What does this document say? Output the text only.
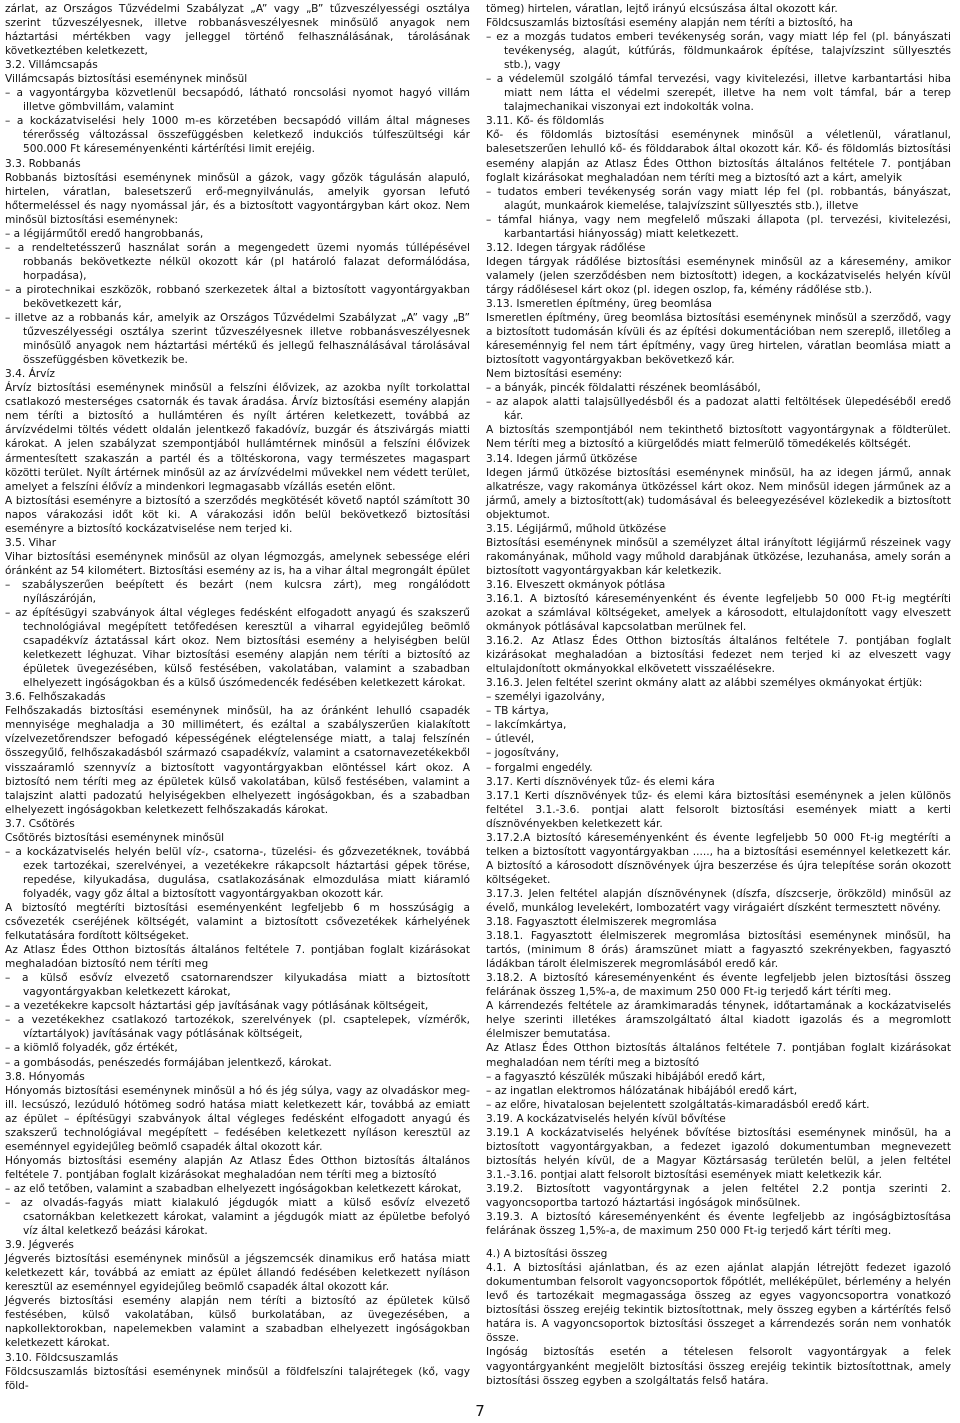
zárlat, az Országos Tűzvédelmi Szabályzat „A” vagy „B” tűzveszélyességi osztálya szerint tűzveszélyesnek, illetve robbanásveszélyesnek minősülő anyagok nem háztartási mértékben vagy jelleggel történő felhasználásának, tárolásának következtében keletkezett,

3.2. Villámcsapás

Villámcsapás biztosítási eseménynek minősül

– a vagyontárgyba közvetlenül becsapódó, látható roncsolási nyomot hagyó villám illetve gömbvillám, valamint

– a kockázatviselési hely 1000 m-es körzetében becsapódó villám által mágneses térerősség változással összefüggésben keletkező indukciós túlfeszültségi kár 500.000 Ft káreseményenkénti kártérítési limit erejéig.

3.3. Robbanás

Robbanás biztosítási eseménynek minősül a gázok, vagy gőzök tágulásán alapuló, hirtelen, váratlan, balesetszerű erő-megnyilvánulás, amelyik gyorsan lefutó hőtermeléssel és nagy nyomással jár, és a biztosított vagyontárgyban kárt okoz. Nem minősül biztosítási eseménynek:

– a légijárműtől eredő hangrobbanás,

– a rendeltetésszerű használat során a megengedett üzemi nyomás túllépésével robbanás bekövetkezte nélkül okozott kár (pl határoló falazat deformálódása, horpadása),

– a pirotechnikai eszközök, robbanó szerkezetek által a biztosított vagyontárgyakban bekövetkezett kár,

– illetve az a robbanás kár, amelyik az Országos Tűzvédelmi Szabályzat „A” vagy „B” tűzveszélyességi osztálya szerint tűzveszélyesnek illetve robbanásveszélyesnek minősülő anyagok nem háztartási mértékű és jellegű felhasználásával tárolásával összefüggésben következik be.

3.4. Árvíz

Árvíz biztosítási eseménynek minősül a felszíni élővizek, az azokba nyílt torkolattal csatlakozó mesterséges csatornák és tavak áradása. Árvíz biztosítási esemény alapján nem téríti a biztosító a hullámtéren és nyílt ártéren keletkezett, továbbá az árvízvédelmi töltés védett oldalán jelentkező fakadóvíz, buzgár és átszivárgás miatti károkat. A jelen szabályzat szempontjából hullámtérnek minősül a felszíni élővizek ármentesített szakaszán a partél és a töltéskorona, vagy természetes magaspart közötti terület. Nyílt ártérnek minősül az az árvízvédelmi művekkel nem védett terület, amelyet a felszíni élővíz a mindenkori legmagasabb vízállás esetén elönt.

A biztosítási eseményre a biztosító a szerződés megkötését követő naptól számított 30 napos várakozási időt köt ki. A várakozási időn belül bekövetkező biztosítási eseményre a biztosító kockázatviselése nem terjed ki.

3.5. Vihar

Vihar biztosítási eseménynek minősül az olyan légmozgás, amelynek sebessége eléri óránként az 54 kilométert. Biztosítási esemény az is, ha a vihar által megrongált épület

– szabályszerűen beépített és bezárt (nem kulcsra zárt), meg rongálódott nyílászáróján,

– az építésügyi szabványok által végleges fedésként elfogadott anyagú és szakszerű technológiával megépített tetőfedésen keresztül a viharral egyidejűleg beömlő csapadékvíz áztatással kárt okoz. Nem biztosítási esemény a helyiségben belül keletkezett léghuzat. Vihar biztosítási esemény alapján nem téríti a biztosító az épületek üvegezésében, külső festésében, vakolatában, valamint a szabadban elhelyezett ingóságokban és a külső úszómedencék fedésében keletkezett károkat.

3.6. Felhőszakadás

Felhőszakadás biztosítási eseménynek minősül, ha az óránként lehulló csapadék mennyisége meghaladja a 30 millimétert, és ezáltal a szabályszerűen kialakított vízelvezetőrendszer befogadó képességének elégtelensége miatt, a talaj felszínén összegyűlő, felhőszakadásból származó csapadékvíz, valamint a csatornavezetékekből visszaáramló szennyvíz a biztosított vagyontárgyakban elöntéssel kárt okoz. A biztosító nem téríti meg az épületek külső vakolatában, külső festésében, valamint a talajszint alatti padozatú helyiségekben elhelyezett ingóságokban, és a szabadban elhelyezett ingóságokban keletkezett felhőszakadás károkat.

3.7. Csőtörés

Csőtörés biztosítási eseménynek minősül

– a kockázatviselés helyén belül víz-, csatorna-, tüzelési- és gőzvezetéknek, továbbá ezek tartozékai, szerelvényei, a vezetékekre rákapcsolt háztartási gépek törése, repedése, kilyukadása, dugulása, csatlakozásának elmozdulása miatt kiáramló folyadék, vagy gőz által a biztosított vagyontárgyakban okozott kár.

A biztosító megtéríti biztosítási eseményenként legfeljebb 6 m hosszúságig a csővezeték cseréjének költségét, valamint a biztosított csővezetékek kárhelyének felkutatására fordított költségeket.

Az Atlasz Édes Otthon biztosítás általános feltétele 7. pontjában foglalt kizárásokat meghaladóan biztosító nem téríti meg

– a külső esővíz elvezető csatornarendszer kilyukadása miatt a biztosított vagyontárgyakban keletkezett károkat,

– a vezetékekre kapcsolt háztartási gép javításának vagy pótlásának költségeit,

– a vezetékekhez csatlakozó tartozékok, szerelvények (pl. csaptelepek, vízmérők, víztartályok) javításának vagy pótlásának költségeit,

– a kiömlő folyadék, gőz értékét,

– a gombásodás, penészedés formájában jelentkező, károkat.

3.8. Hónyomás

Hónyomás biztosítási eseménynek minősül a hó és jég súlya, vagy az olvadáskor meg- ill. lecsúszó, lezúduló hótömeg sodró hatása miatt keletkezett kár, továbbá az emiatt az épület – építésügyi szabványok által végleges fedésként elfogadott anyagú és szakszerű technológiával megépített – fedésében keletkezett nyíláson keresztül az eseménnyel egyidejűleg beömlő csapadék által okozott kár.

Hónyomás biztosítási esemény alapján Az Atlasz Édes Otthon biztosítás általános feltétele 7. pontjában foglalt kizárásokat meghaladóan nem téríti meg a biztosító

– az elő tetőben, valamint a szabadban elhelyezett ingóságokban keletkezett károkat,

– az olvadás-fagyás miatt kialakuló jégdugók miatt a külső esővíz elvezető csatornákban keletkezett károkat, valamint a jégdugók miatt az épületbe befolyó víz által keletkező beázási károkat.

3.9. Jégverés

Jégverés biztosítási eseménynek minősül a jégszemcsék dinamikus erő hatása miatt keletkezett kár, továbbá az emiatt az épület állandó fedésében keletkezett nyíláson keresztül az eseménnyel egyidejűleg beömlő csapadék által okozott kár.

Jégverés biztosítási esemény alapján nem téríti a biztosító az épületek külső festésében, külső vakolatában, külső burkolatában, az üvegezésében, a napkollektorokban, napelemekben valamint a szabadban elhelyezett ingóságokban keletkezett károkat.

3.10. Földcsuszamlás

Földcsuszamlás biztosítási eseménynek minősül a földfelszíni talajrétegek (kő, vagy föld-

tömeg) hirtelen, váratlan, lejtő irányú elcsúszása által okozott kár.

Földcsuszamlás biztosítási esemény alapján nem téríti a biztosító, ha

– ez a mozgás tudatos emberi tevékenység során, vagy miatt lép fel (pl. bányászati tevékenység, alagút, kútfúrás, földmunkaárok építése, talajvízszint süllyesztés stb.), vagy

– a védelemül szolgáló támfal tervezési, vagy kivitelezési, illetve karbantartási hiba miatt nem látta el védelmi szerepét, illetve ha nem volt támfal, bár a terep talajmechanikai viszonyai ezt indokolták volna.

3.11. Kő- és földomlás

Kő- és földomlás biztosítási eseménynek minősül a véletlenül, váratlanul, balesetszerűen lehulló kő- és földdarabok által okozott kár. Kő- és földomlás biztosítási esemény alapján az Atlasz Édes Otthon biztosítás általános feltétele 7. pontjában foglalt kizárásokat meghaladóan nem téríti meg a biztosító azt a kárt, amelyik

– tudatos emberi tevékenység során vagy miatt lép fel (pl. robbantás, bányászat, alagút, munkaárok kiemelése, talajvízszint süllyesztés stb.), illetve

– támfal hiánya, vagy nem megfelelő műszaki állapota (pl. tervezési, kivitelezési, karbantartási hiányosság) miatt keletkezett.

3.12. Idegen tárgyak rádőlése

Idegen tárgyak rádőlése biztosítási eseménynek minősül az a káresemény, amikor valamely (jelen szerződésben nem biztosított) idegen, a kockázatviselés helyén kívül tárgy rádőlésesel kárt okoz (pl. idegen oszlop, fa, kémény rádőlése stb.).

3.13. Ismeretlen építmény, üreg beomlása

Ismeretlen építmény, üreg beomlása biztosítási eseménynek minősül a szerződő, vagy a biztosított tudomásán kívüli és az építési dokumentációban nem szereplő, illetőleg a káreseménnyig fel nem tárt építmény, vagy üreg hirtelen, váratlan beomlása miatt a biztosított vagyontárgyakban bekövetkező kár.

Nem biztosítási esemény:

– a bányák, pincék földalatti részének beomlásából,

– az alapok alatti talajsüllyedésből és a padozat alatti feltöltések ülepedéséből eredő kár.

A biztosítás szempontjából nem tekinthető biztosított vagyontárgynak a földterület. Nem téríti meg a biztosító a kiürgelődés miatt felmerülő tömedékelés költségét.

3.14. Idegen jármű ütközése

Idegen jármű ütközése biztosítási eseménynek minősül, ha az idegen jármű, annak alkatrésze, vagy rakománya ütközéssel kárt okoz. Nem minősül idegen járműnek az a jármű, amely a biztosított(ak) tudomásával és beleegyezésével közlekedik a biztosított objektumot.

3.15. Légijármű, műhold ütközése

Biztosítási eseménynek minősül a személyzet által irányított légijármű részeinek vagy rakományának, műhold vagy műhold darabjának ütközése, lezuhanása, amely során a biztosított vagyontárgyakban kár keletkezik.

3.16. Elveszett okmányok pótlása

3.16.1. A biztosító káreseményenként és évente legfeljebb 50 000 Ft-ig megtéríti azokat a számlával költségeket, amelyek a károsodott, eltulajdonított vagy elveszett okmányok pótlásával kapcsolatban merülnek fel.

3.16.2. Az Atlasz Édes Otthon biztosítás általános feltétele 7. pontjában foglalt kizárásokat meghaladóan a biztosítási fedezet nem terjed ki az elveszett vagy eltulajdonított okmányokkal elkövetett visszaélésekre.

3.16.3. Jelen feltétel szerint okmány alatt az alábbi személyes okmányokat értjük:

– személyi igazolvány,

– TB kártya,

– lakcímkártya,

– útlevél,

– jogosítvány,

– forgalmi engedély.

3.17. Kerti dísznövények tűz- és elemi kára

3.17.1 Kerti dísznövények tűz- és elemi kára biztosítási eseménynek a jelen különös feltétel 3.1.-3.6. pontjai alatt felsorolt biztosítási események miatt a kerti dísznövényekben keletkezett kár.

3.17.2.A biztosító káreseményenként és évente legfeljebb 50 000 Ft-ig megtéríti a telken a biztosított vagyontárgyakban ....., ha a biztosítási eseménnyel keletkezett kár. A biztosító a károsodott dísznövények újra beszerzése és újra telepítése során okozott költségeket.

3.17.3. Jelen feltétel alapján dísznövénynek (díszfa, díszcserje, örökzöld) minősül az évelő, munkálog levelekért, lombozatért vagy virágaiért díszként termesztett növény.

3.18. Fagyasztott élelmiszerek megromlása

3.18.1. Fagyasztott élelmiszerek megromlása biztosítási eseménynek minősül, ha tartós, (minimum 8 órás) áramszünet miatt a fagyasztó szekrényekben, fagyasztó ládákban tárolt élelmiszerek megromlásából eredő kár.

3.18.2. A biztosító káreseményenként és évente legfeljebb jelen biztosítási összeg felárának összeg 1,5%-a, de maximum 250 000 Ft-ig terjedő kárt téríti meg.

A kárrendezés feltétele az áramkimaradás ténynek, időtartamának a kockázatviselés helye szerinti illetékes áramszolgáltató által kiadott igazolás és a megromlott élelmiszer bemutatása.

Az Atlasz Édes Otthon biztosítás általános feltétele 7. pontjában foglalt kizárásokat meghaladóan nem téríti meg a biztosító

– a fagyasztó készülék műszaki hibájából eredő kárt,

– az ingatlan elektromos hálózatának hibájából eredő kárt,

– az előre, hivatalosan bejelentett szolgáltatás-kimaradásból eredő kárt.

3.19. A kockázatviselés helyén kívül bővítése

3.19.1 A kockázatviselés helyének bővítése biztosítási eseménynek minősül, ha a biztosított vagyontárgyakban, a fedezet igazoló dokumentumban megnevezett biztosítás helyén kívül, de a Magyar Köztársaság területén belül, a jelen feltétel 3.1.-3.16. pontjai alatt felsorolt biztosítási események miatt keletkezik kár.

3.19.2. Biztosított vagyontárgynak a jelen feltétel 2.2 pontja szerinti 2. vagyoncsoportba tartozó háztartási ingóságok minősülnek.

3.19.3. A biztosító káreseményenként és évente legfeljebb az ingóságbiztosítása felárának összeg 1,5%-a, de maximum 250 000 Ft-ig terjedő kárt téríti meg.

4.) A biztosítási összeg

4.1. A biztosítási ajánlatban, és az ezen ajánlat alapján létrejött fedezet igazoló dokumentumban felsorolt vagyoncsoportok főpótlét, melléképület, bérlemény a helyén levő és tartozékait megmagassága összeg az egyes vagyoncsoportra vonatkozó biztosítási összeg erejéig tekintik biztosítottnak, mely összeg egyben a kártérítés felső határa is. A vagyoncsoportok biztosítási összeget a kárrendezés során nem vonhatók össze.

Ingóság biztosítás esetén a tételesen felsorolt vagyontárgyak a felek vagyontárgyanként megjelölt biztosítási összeg erejéig tekintik biztosítottnak, amely biztosítási összeg egyben a szolgáltatás felső határa.

7
